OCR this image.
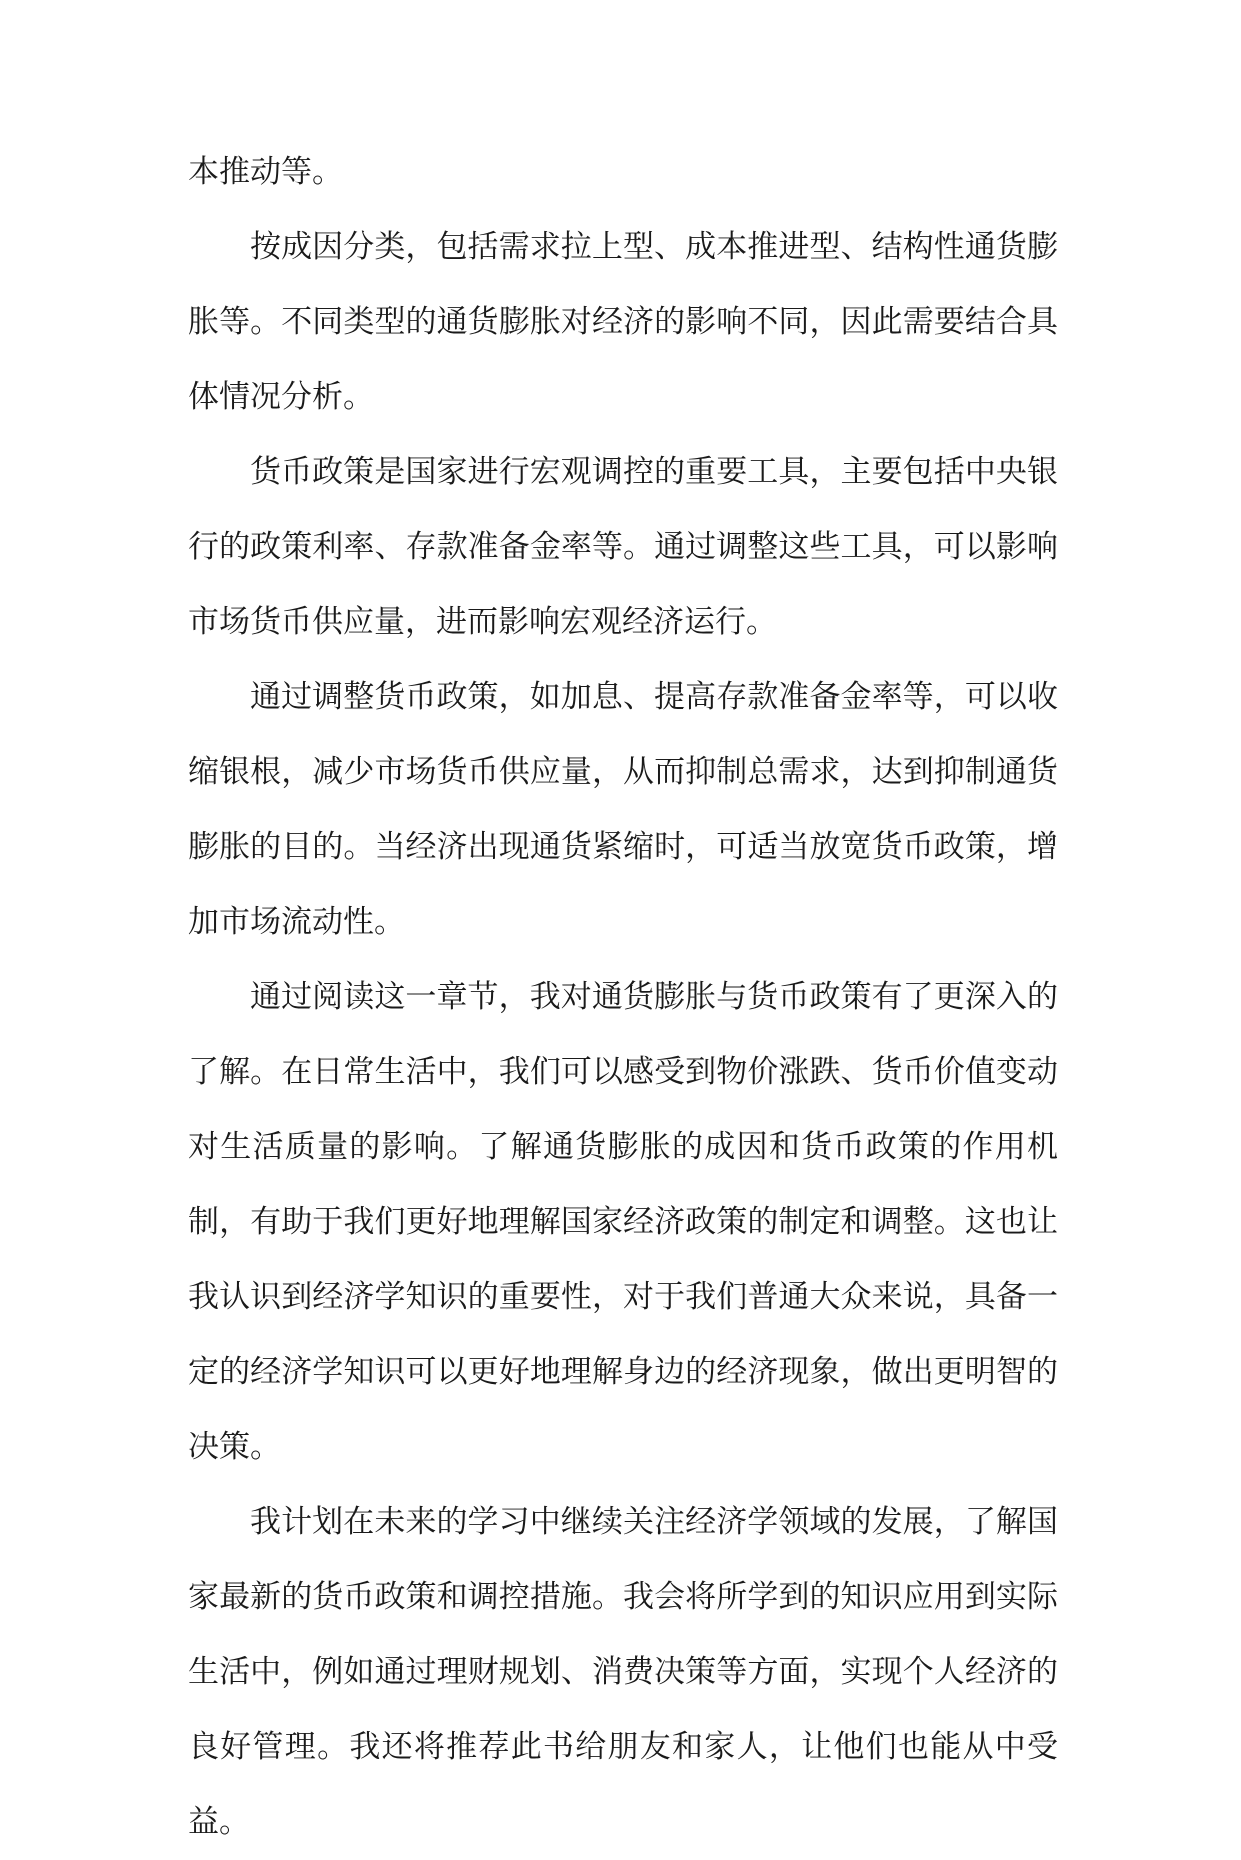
本推动等。

按成因分类，包括需求拉上型、成本推进型、结构性通货膨胀等。不同类型的通货膨胀对经济的影响不同，因此需要结合具体情况分析。

货币政策是国家进行宏观调控的重要工具，主要包括中央银行的政策利率、存款准备金率等。通过调整这些工具，可以影响市场货币供应量，进而影响宏观经济运行。

通过调整货币政策，如加息、提高存款准备金率等，可以收缩银根，减少市场货币供应量，从而抑制总需求，达到抑制通货膨胀的目的。当经济出现通货紧缩时，可适当放宽货币政策，增加市场流动性。

通过阅读这一章节，我对通货膨胀与货币政策有了更深入的了解。在日常生活中，我们可以感受到物价涨跌、货币价值变动对生活质量的影响。了解通货膨胀的成因和货币政策的作用机制，有助于我们更好地理解国家经济政策的制定和调整。这也让我认识到经济学知识的重要性，对于我们普通大众来说，具备一定的经济学知识可以更好地理解身边的经济现象，做出更明智的决策。

我计划在未来的学习中继续关注经济学领域的发展，了解国家最新的货币政策和调控措施。我会将所学到的知识应用到实际生活中，例如通过理财规划、消费决策等方面，实现个人经济的良好管理。我还将推荐此书给朋友和家人，让他们也能从中受益。
